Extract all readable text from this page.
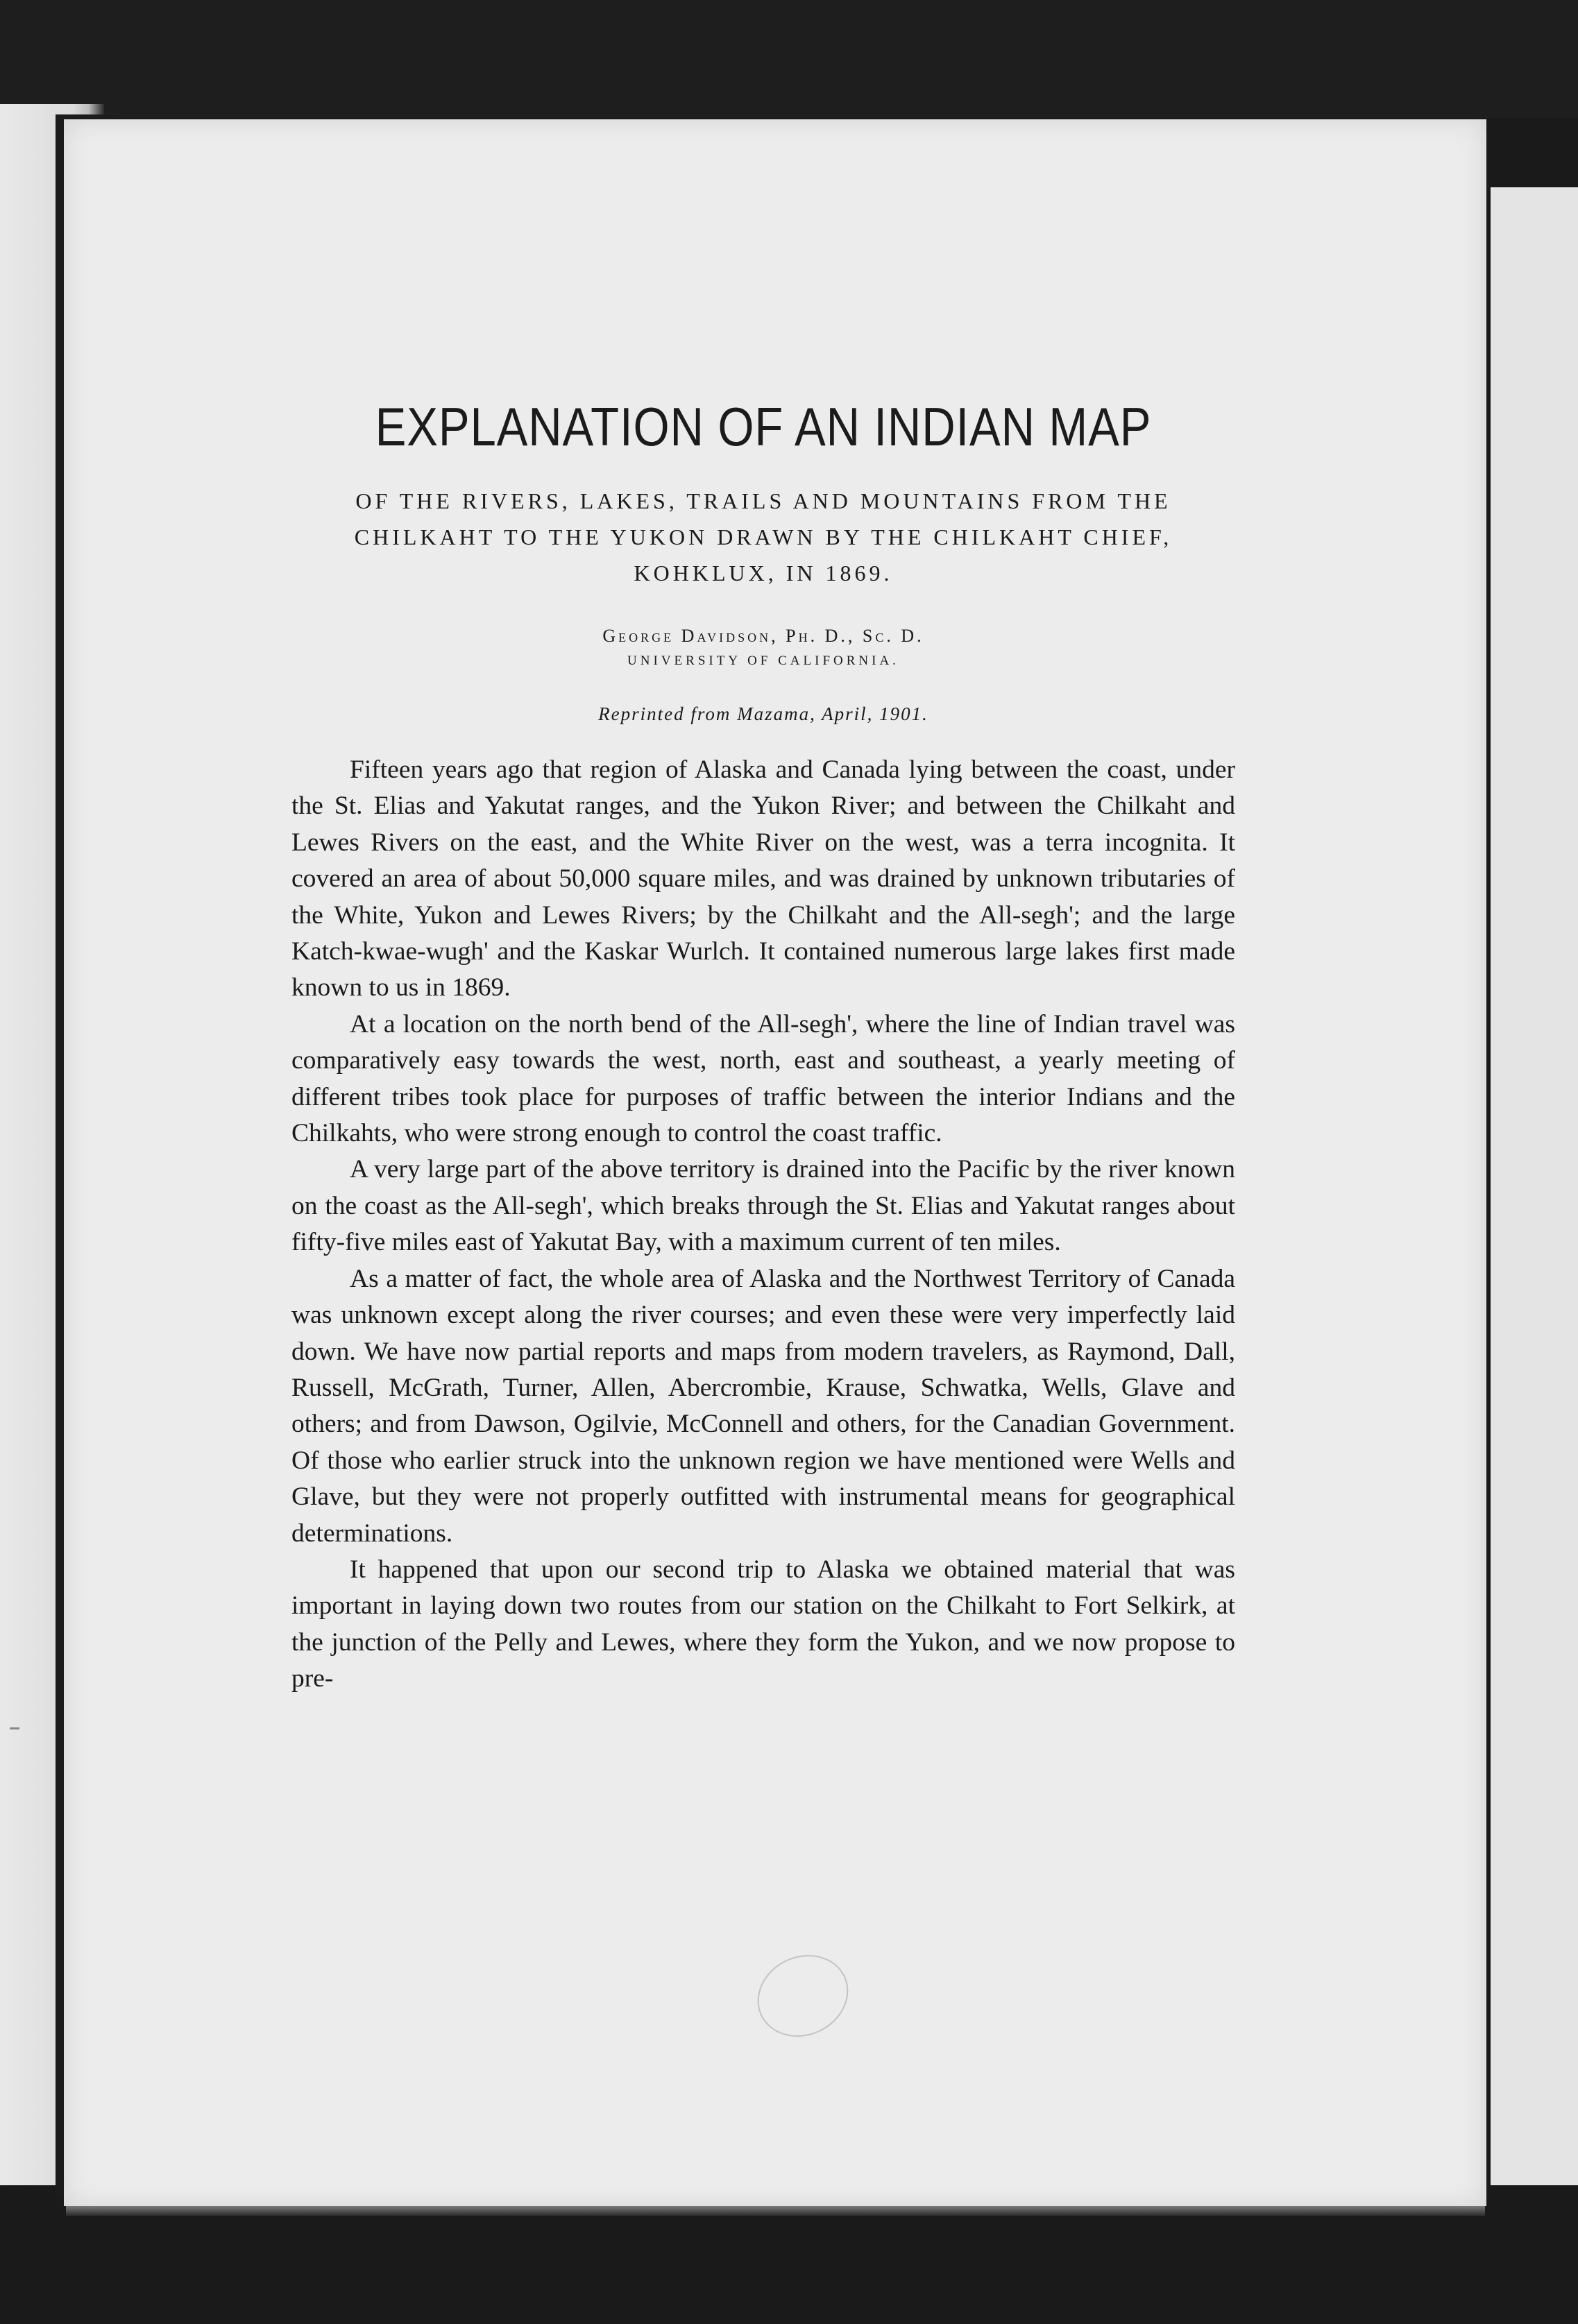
EXPLANATION OF AN INDIAN MAP
OF THE RIVERS, LAKES, TRAILS AND MOUNTAINS FROM THE CHILKAHT TO THE YUKON DRAWN BY THE CHILKAHT CHIEF, KOHKLUX, IN 1869.
George Davidson, Ph. D., Sc. D.
UNIVERSITY OF CALIFORNIA.
Reprinted from Mazama, April, 1901.

Fifteen years ago that region of Alaska and Canada lying between the coast, under the St. Elias and Yakutat ranges, and the Yukon River; and between the Chilkaht and Lewes Rivers on the east, and the White River on the west, was a terra incognita. It covered an area of about 50,000 square miles, and was drained by unknown tributaries of the White, Yukon and Lewes Rivers; by the Chilkaht and the All-segh'; and the large Katch-kwae-wugh' and the Kaskar Wurlch. It contained numerous large lakes first made known to us in 1869.

At a location on the north bend of the All-segh', where the line of Indian travel was comparatively easy towards the west, north, east and southeast, a yearly meeting of different tribes took place for purposes of traffic between the interior Indians and the Chilkahts, who were strong enough to control the coast traffic.

A very large part of the above territory is drained into the Pacific by the river known on the coast as the All-segh', which breaks through the St. Elias and Yakutat ranges about fifty-five miles east of Yakutat Bay, with a maximum current of ten miles.

As a matter of fact, the whole area of Alaska and the Northwest Territory of Canada was unknown except along the river courses; and even these were very imperfectly laid down. We have now partial reports and maps from modern travelers, as Raymond, Dall, Russell, McGrath, Turner, Allen, Abercrombie, Krause, Schwatka, Wells, Glave and others; and from Dawson, Ogilvie, McConnell and others, for the Canadian Government. Of those who earlier struck into the unknown region we have mentioned were Wells and Glave, but they were not properly outfitted with instrumental means for geographical determinations.

It happened that upon our second trip to Alaska we obtained material that was important in laying down two routes from our station on the Chilkaht to Fort Selkirk, at the junction of the Pelly and Lewes, where they form the Yukon, and we now propose to pre-
